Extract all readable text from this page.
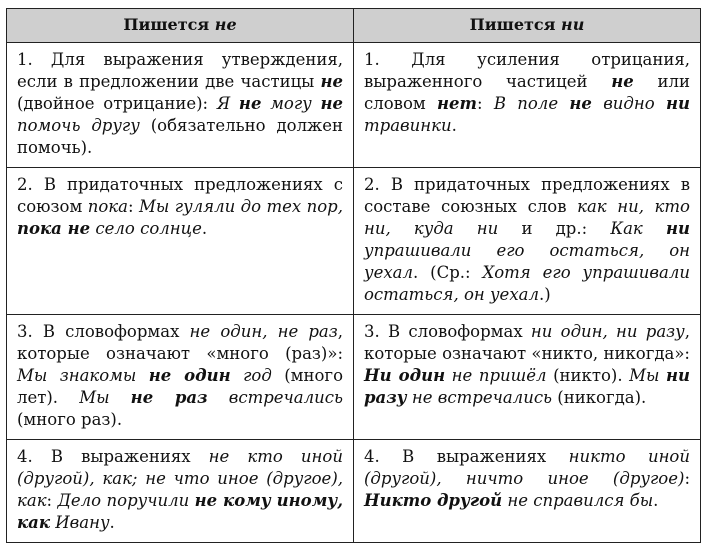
Пишется не	Пишется ни
1. Для выражения утверждения, если в предложении две частицы не (двойное отрицание): Я не могу не помочь другу (обязательно должен помочь).	1. Для усиления отрицания, выраженного частицей не или словом нет: В поле не видно ни травинки.
2. В придаточных предложениях с союзом пока: Мы гуляли до тех пор, пока не село солнце.	2. В придаточных предложениях в составе союзных слов как ни, кто ни, куда ни и др.: Как ни упрашивали его остаться, он уехал. (Ср.: Хотя его упрашивали остаться, он уехал.)
3. В словоформах не один, не раз, которые означают «много (раз)»: Мы знакомы не один год (много лет). Мы не раз встречались (много раз).	3. В словоформах ни один, ни разу, которые означают «никто, никогда»: Ни один не пришёл (никто). Мы ни разу не встречались (никогда).
4. В выражениях не кто иной (другой), как; не что иное (другое), как: Дело поручили не кому иному, как Ивану.	4. В выражениях никто иной (другой), ничто иное (другое): Никто другой не справился бы.
